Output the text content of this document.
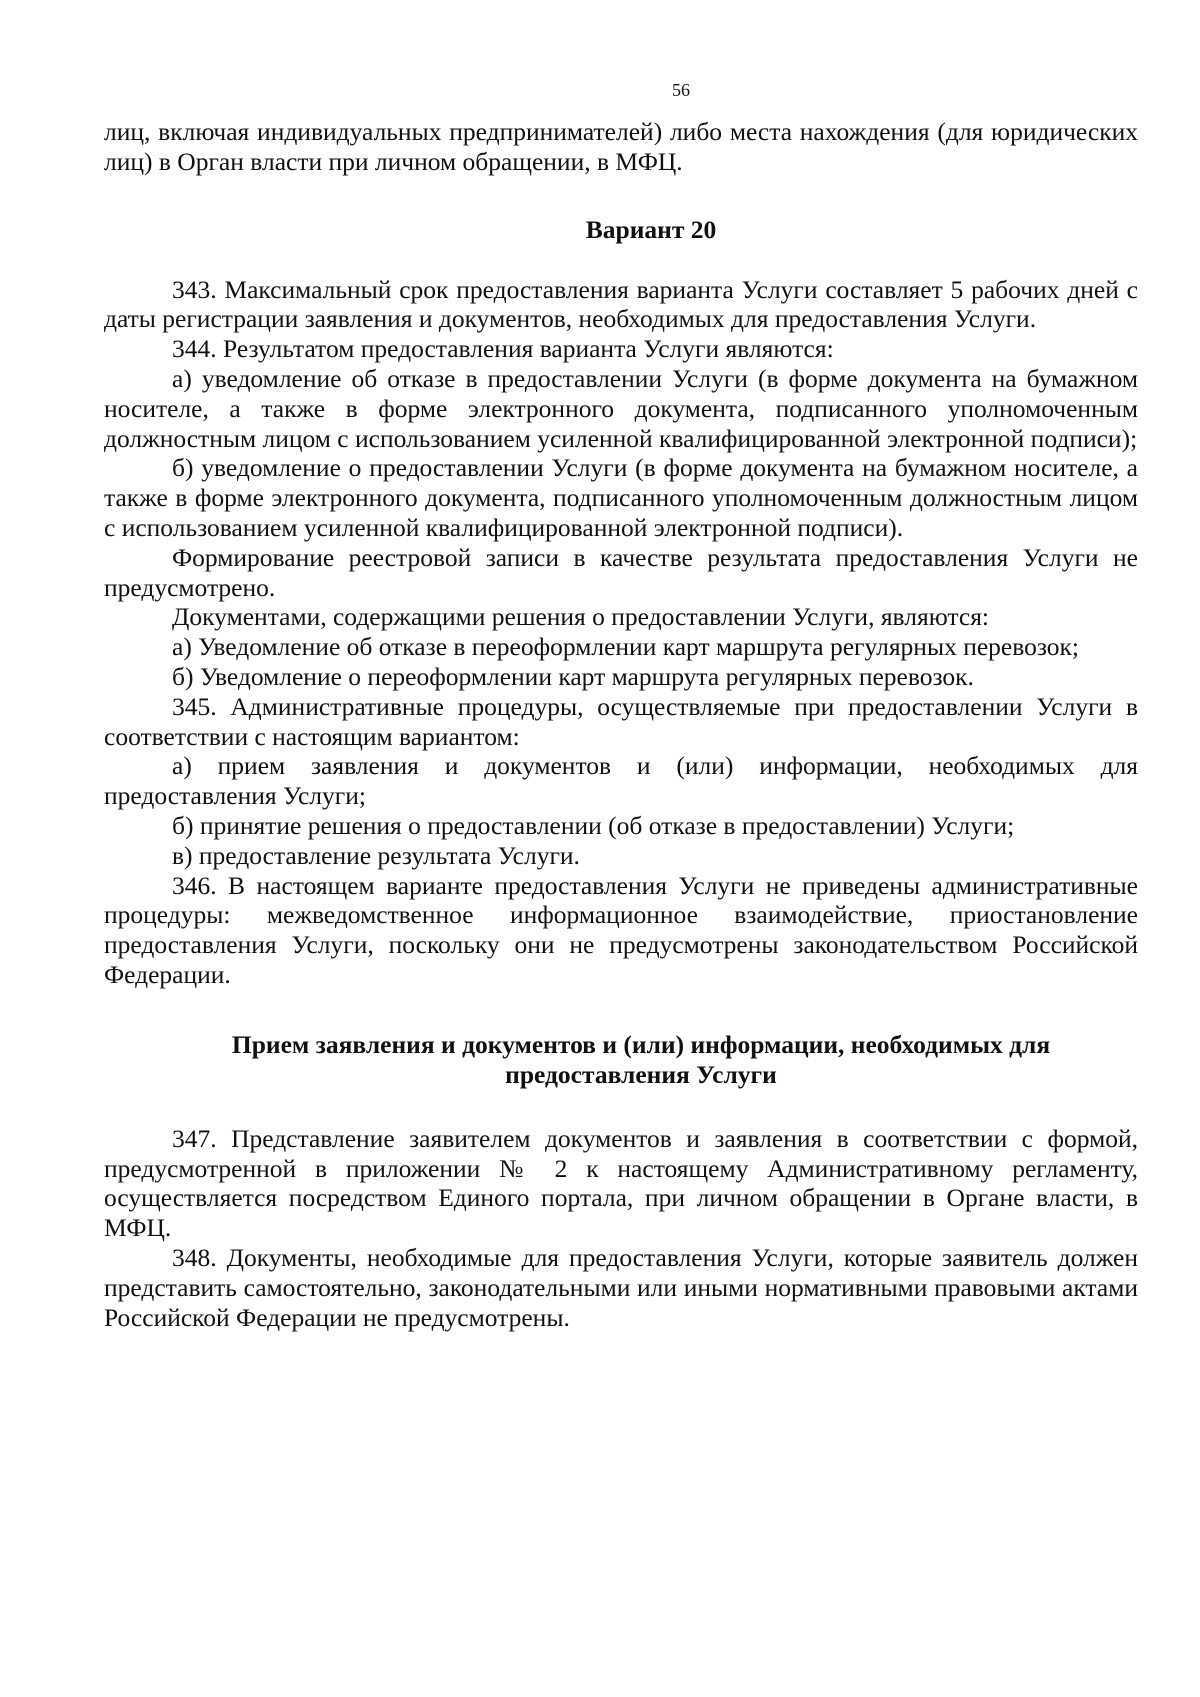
56

лиц, включая индивидуальных предпринимателей) либо места нахождения (для юридических лиц) в Орган власти при личном обращении, в МФЦ.

Вариант 20

343. Максимальный срок предоставления варианта Услуги составляет 5 рабочих дней с даты регистрации заявления и документов, необходимых для предоставления Услуги.

344. Результатом предоставления варианта Услуги являются:

а) уведомление об отказе в предоставлении Услуги (в форме документа на бумажном носителе, а также в форме электронного документа, подписанного уполномоченным должностным лицом с использованием усиленной квалифицированной электронной подписи);

б) уведомление о предоставлении Услуги (в форме документа на бумажном носителе, а также в форме электронного документа, подписанного уполномоченным должностным лицом с использованием усиленной квалифицированной электронной подписи).

Формирование реестровой записи в качестве результата предоставления Услуги не предусмотрено.

Документами, содержащими решения о предоставлении Услуги, являются:

а) Уведомление об отказе в переоформлении карт маршрута регулярных перевозок;

б) Уведомление о переоформлении карт маршрута регулярных перевозок.

345. Административные процедуры, осуществляемые при предоставлении Услуги в соответствии с настоящим вариантом:

а) прием заявления и документов и (или) информации, необходимых для предоставления Услуги;

б) принятие решения о предоставлении (об отказе в предоставлении) Услуги;

в) предоставление результата Услуги.

346. В настоящем варианте предоставления Услуги не приведены административные процедуры: межведомственное информационное взаимодействие, приостановление предоставления Услуги, поскольку они не предусмотрены законодательством Российской Федерации.

Прием заявления и документов и (или) информации, необходимых для
предоставления Услуги

347. Представление заявителем документов и заявления в соответствии с формой, предусмотренной в приложении № 2 к настоящему Административному регламенту, осуществляется посредством Единого портала, при личном обращении в Органе власти, в МФЦ.

348. Документы, необходимые для предоставления Услуги, которые заявитель должен представить самостоятельно, законодательными или иными нормативными правовыми актами Российской Федерации не предусмотрены.
